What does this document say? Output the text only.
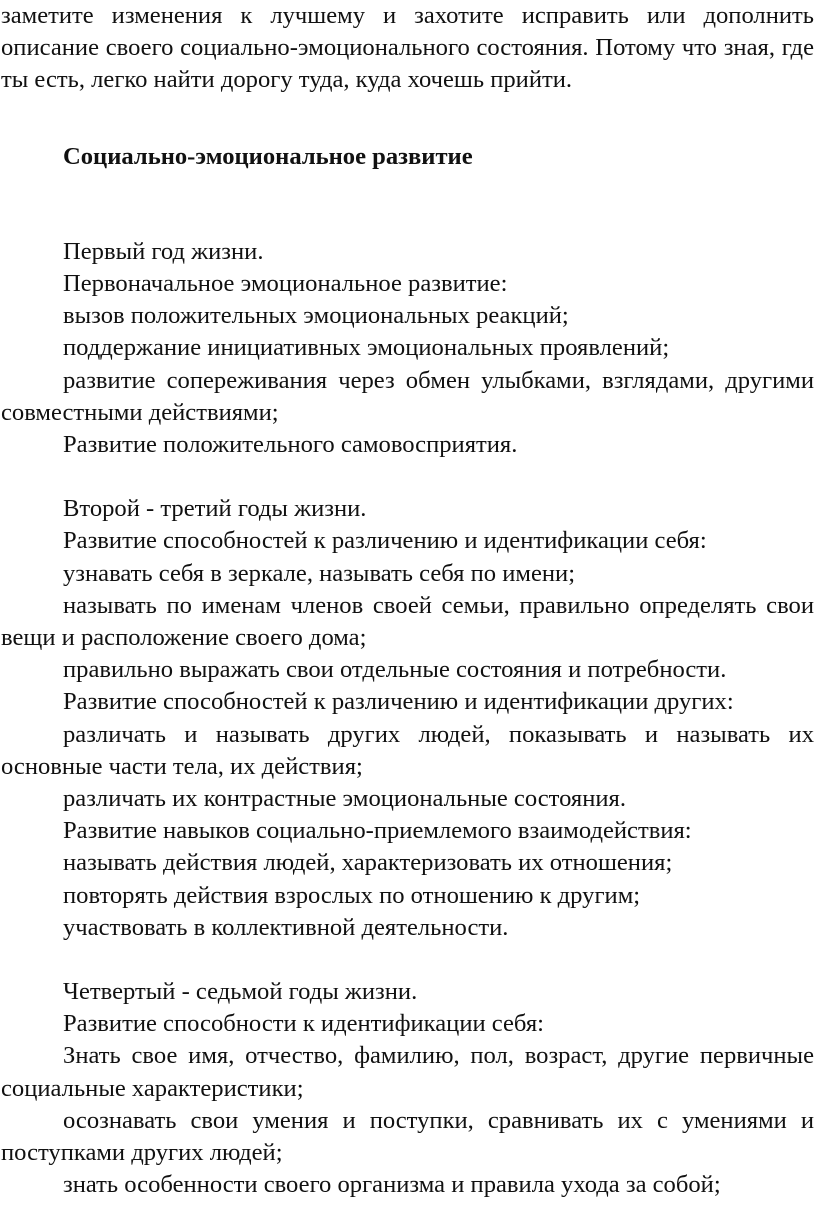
заметите изменения к лучшему и захотите исправить или дополнить описание своего социально-эмоционального состояния. Потому что зная, где ты есть, легко найти дорогу туда, куда хочешь прийти.

Социально-эмоциональное развитие

Первый год жизни.

Первоначальное эмоциональное развитие:

вызов положительных эмоциональных реакций;

поддержание инициативных эмоциональных проявлений;

развитие сопереживания через обмен улыбками, взглядами, другими совместными действиями;

Развитие положительного самовосприятия.

Второй - третий годы жизни.

Развитие способностей к различению и идентификации себя:

узнавать себя в зеркале, называть себя по имени;

называть по именам членов своей семьи, правильно определять свои вещи и расположение своего дома;

правильно выражать свои отдельные состояния и потребности.

Развитие способностей к различению и идентификации других:

различать и называть других людей, показывать и называть их основные части тела, их действия;

различать их контрастные эмоциональные состояния.

Развитие навыков социально-приемлемого взаимодействия:

называть действия людей, характеризовать их отношения;

повторять действия взрослых по отношению к другим;

участвовать в коллективной деятельности.

Четвертый - седьмой годы жизни.

Развитие способности к идентификации себя:

Знать свое имя, отчество, фамилию, пол, возраст, другие первичные социальные характеристики;

осознавать свои умения и поступки, сравнивать их с умениями и поступками других людей;

знать особенности своего организма и правила ухода за собой;
